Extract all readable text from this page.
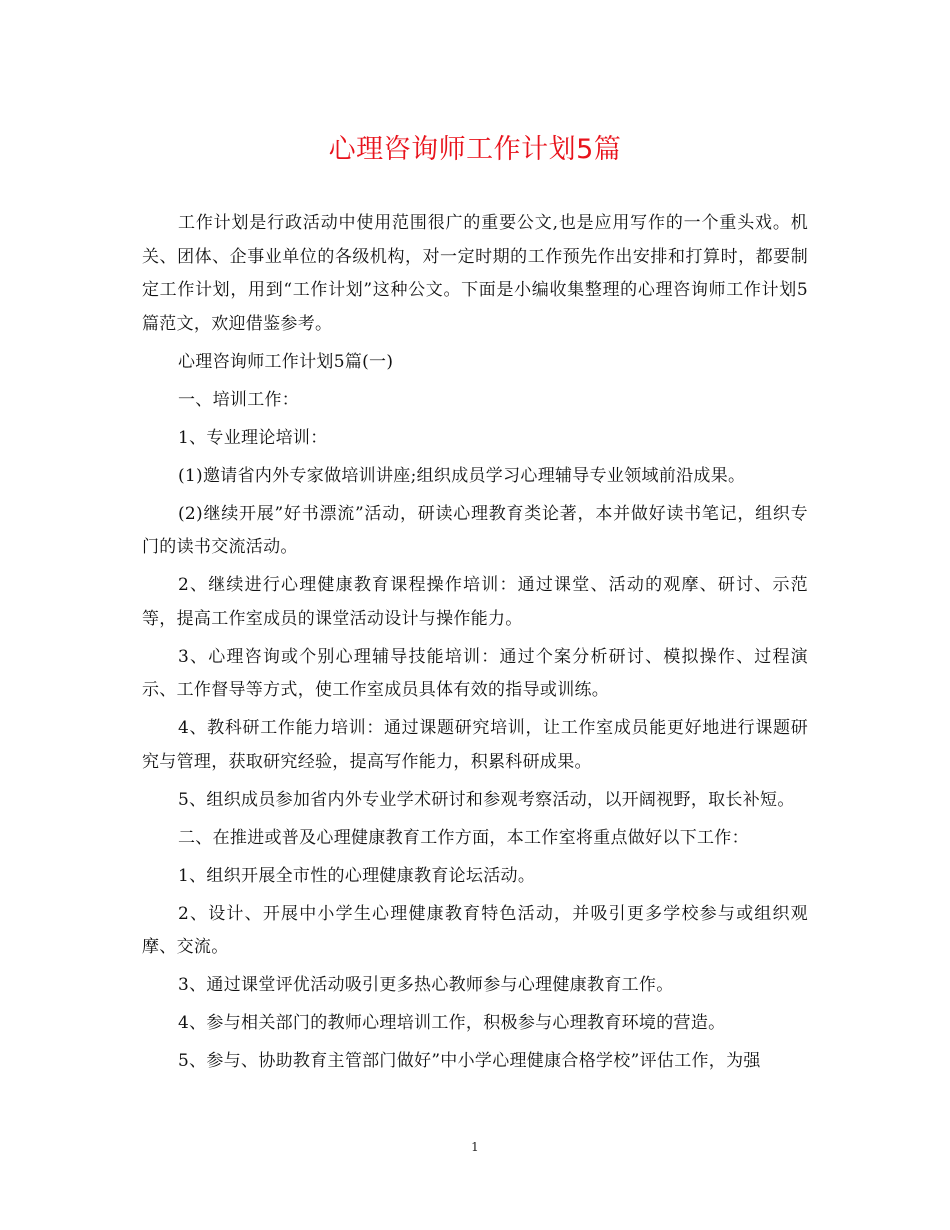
心理咨询师工作计划5篇

工作计划是行政活动中使用范围很广的重要公文,也是应用写作的一个重头戏。机关、团体、企事业单位的各级机构，对一定时期的工作预先作出安排和打算时，都要制定工作计划，用到“工作计划”这种公文。下面是小编收集整理的心理咨询师工作计划5篇范文，欢迎借鉴参考。

心理咨询师工作计划5篇(一)

一、培训工作：

1、专业理论培训：

(1)邀请省内外专家做培训讲座;组织成员学习心理辅导专业领域前沿成果。

(2)继续开展”好书漂流”活动，研读心理教育类论著，本并做好读书笔记，组织专门的读书交流活动。

2、继续进行心理健康教育课程操作培训：通过课堂、活动的观摩、研讨、示范等，提高工作室成员的课堂活动设计与操作能力。

3、心理咨询或个别心理辅导技能培训：通过个案分析研讨、模拟操作、过程演示、工作督导等方式，使工作室成员具体有效的指导或训练。

4、教科研工作能力培训：通过课题研究培训，让工作室成员能更好地进行课题研究与管理，获取研究经验，提高写作能力，积累科研成果。

5、组织成员参加省内外专业学术研讨和参观考察活动，以开阔视野，取长补短。

二、在推进或普及心理健康教育工作方面，本工作室将重点做好以下工作：

1、组织开展全市性的心理健康教育论坛活动。

2、设计、开展中小学生心理健康教育特色活动，并吸引更多学校参与或组织观摩、交流。

3、通过课堂评优活动吸引更多热心教师参与心理健康教育工作。

4、参与相关部门的教师心理培训工作，积极参与心理教育环境的营造。

5、参与、协助教育主管部门做好”中小学心理健康合格学校”评估工作，为强

1
